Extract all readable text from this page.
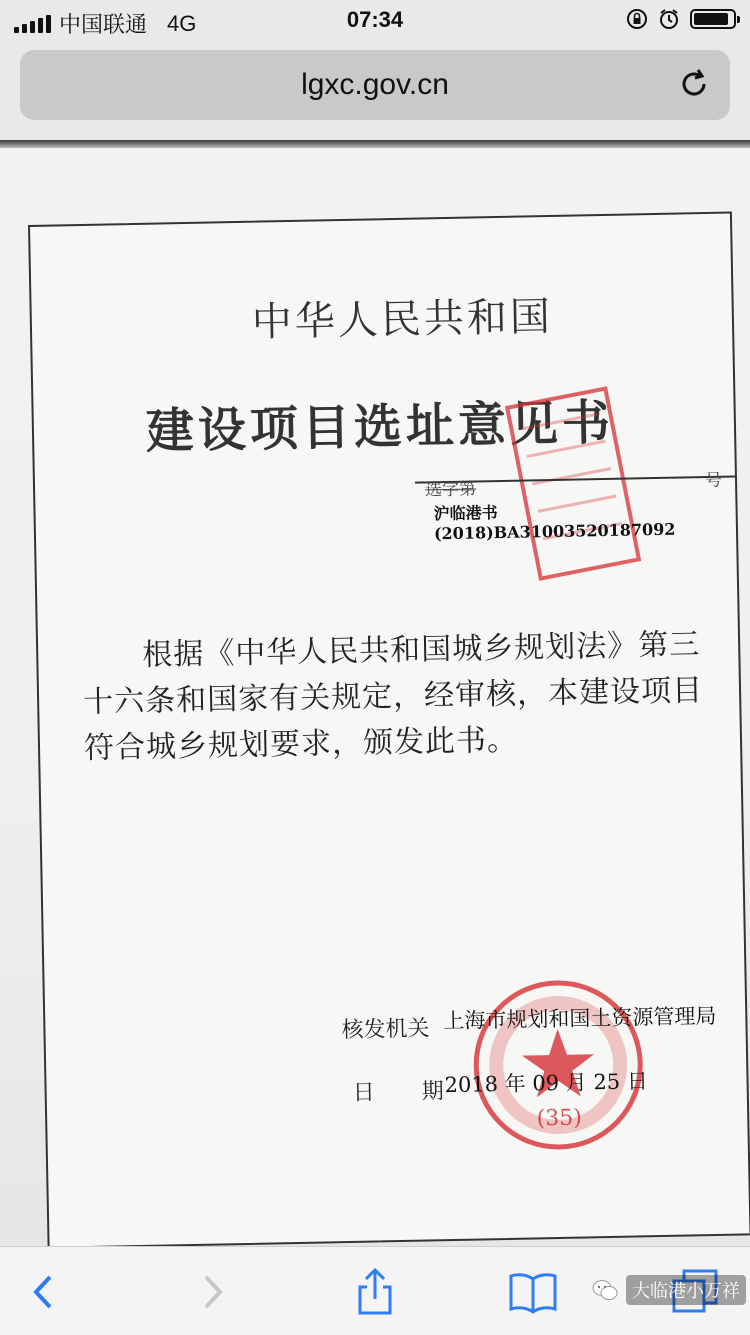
中国联通 4G	07:34
lgxc.gov.cn
中华人民共和国
建设项目选址意见书
选字第	号
沪临港书(2018)BA31003520187092

根据《中华人民共和国城乡规划法》第三十六条和国家有关规定，经审核，本建设项目符合城乡规划要求，颁发此书。

(35)
核发机关 上海市规划和国土资源管理局
日 期 2018 年 09 月 25 日
大临港小万祥
